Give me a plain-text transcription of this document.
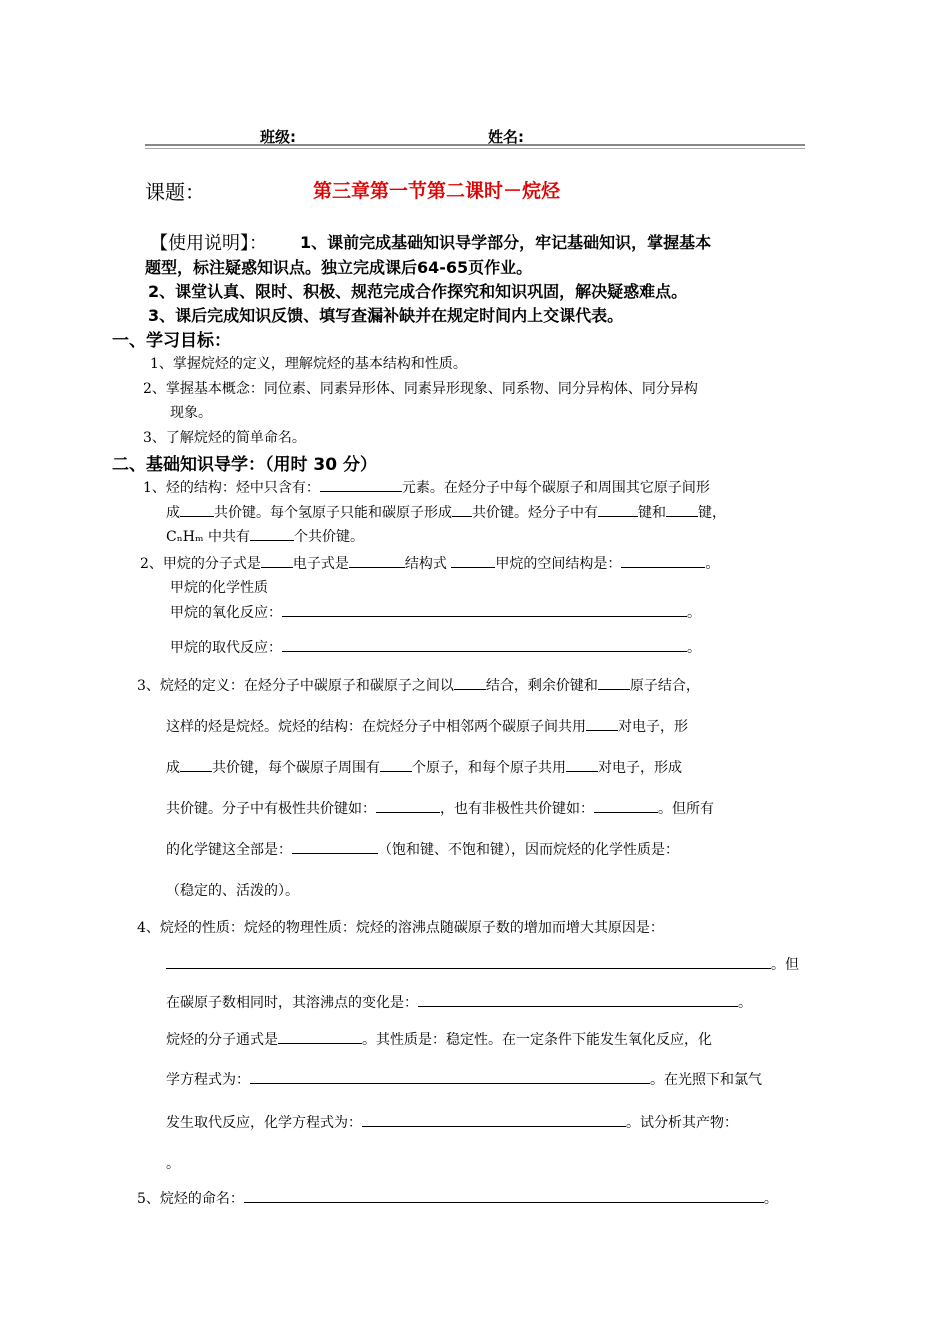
班级:	姓名:
课题：	第三章第一节第二课时－烷烃
【使用说明】： 1、课前完成基础知识导学部分，牢记基础知识，掌握基本
题型，标注疑惑知识点。独立完成课后64-65页作业。
2、课堂认真、限时、积极、规范完成合作探究和知识巩固，解决疑惑难点。
3、课后完成知识反馈、填写查漏补缺并在规定时间内上交课代表。
一、学习目标：
1、掌握烷烃的定义，理解烷烃的基本结构和性质。
2、掌握基本概念：同位素、同素异形体、同素异形现象、同系物、同分异构体、同分异构
现象。
3、了解烷烃的简单命名。
二、基础知识导学：（用时 30 分）
1、烃的结构：烃中只含有：	元素。在烃分子中每个碳原子和周围其它原子间形
成 共价键。每个氢原子只能和碳原子形成 共价键。烃分子中有	键和 键，
CₙHₘ 中共有	个共价键。
2、甲烷的分子式是 电子式是	结构式	甲烷的空间结构是：	。
甲烷的化学性质
甲烷的氧化反应：	。
甲烷的取代反应：	。
3、烷烃的定义：在烃分子中碳原子和碳原子之间以 结合，剩余价键和 原子结合，
这样的烃是烷烃。烷烃的结构：在烷烃分子中相邻两个碳原子间共用 对电子，形
成 共价键，每个碳原子周围有 个原子，和每个原子共用 对电子，形成
共价键。分子中有极性共价键如：	，也有非极性共价键如：	。但所有
的化学键这全部是：	（饱和键、不饱和键），因而烷烃的化学性质是：
（稳定的、活泼的）。
4、烷烃的性质：烷烃的物理性质：烷烃的溶沸点随碳原子数的增加而增大其原因是：
。但
在碳原子数相同时，其溶沸点的变化是：	。
烷烃的分子通式是	。其性质是：稳定性。在一定条件下能发生氧化反应，化
学方程式为：	。在光照下和氯气
发生取代反应，化学方程式为：	。试分析其产物：
。
5、烷烃的命名：	。
